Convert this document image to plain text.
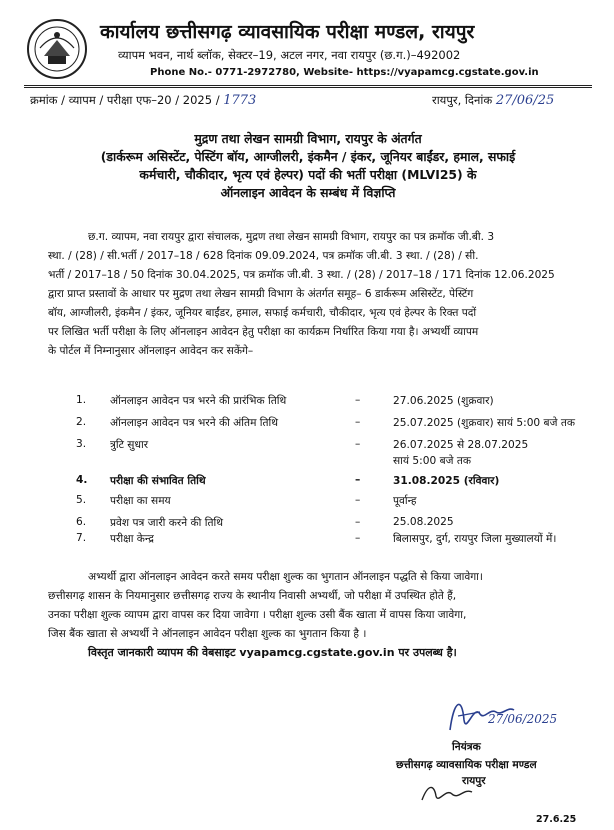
कार्यालय छत्तीसगढ़ व्यावसायिक परीक्षा मण्डल, रायपुर
व्यापम भवन, नार्थ ब्लॉक, सेक्टर–19, अटल नगर, नवा रायपुर (छ.ग.)–492002
Phone No.- 0771-2972780, Website- https://vyapamcg.cgstate.gov.in
क्रमांक / व्यापम / परीक्षा एफ–20 / 2025 / 1773	रायपुर, दिनांक 27/06/25
मुद्रण तथा लेखन सामग्री विभाग, रायपुर के अंतर्गत
(डार्करूम असिस्टेंट, पेस्टिंग बॉय, आग्जीलरी, इंकमैन / इंकर, जूनियर बाईंडर, हमाल, सफाई
कर्मचारी, चौकीदार, भृत्य एवं हेल्पर) पदों की भर्ती परीक्षा (MLVI25) के
ऑनलाइन आवेदन के सम्बंध में विज्ञप्ति
छ.ग. व्यापम, नवा रायपुर द्वारा संचालक, मुद्रण तथा लेखन सामग्री विभाग, रायपुर का पत्र क्रमॉक जी.बी. 3
स्था. / (28) / सी.भर्ती / 2017–18 / 628 दिनांक 09.09.2024, पत्र क्रमॉक जी.बी. 3 स्था. / (28) / सी.
भर्ती / 2017–18 / 50 दिनांक 30.04.2025, पत्र क्रमॉक जी.बी. 3 स्था. / (28) / 2017–18 / 171 दिनांक 12.06.2025
द्वारा प्राप्त प्रस्तावों के आधार पर मुद्रण तथा लेखन सामग्री विभाग के अंतर्गत समूह– 6 डार्करूम असिस्टेंट, पेस्टिंग
बॉय, आग्जीलरी, इंकमैन / इंकर, जूनियर बाईंडर, हमाल, सफाई कर्मचारी, चौकीदार, भृत्य एवं हेल्पर के रिक्त पदों
पर लिखित भर्ती परीक्षा के लिए ऑनलाइन आवेदन हेतु परीक्षा का कार्यक्रम निर्धारित किया गया है। अभ्यर्थी व्यापम
के पोर्टल में निम्नानुसार ऑनलाइन आवेदन कर सकेंगे–
1.	ऑनलाइन आवेदन पत्र भरने की प्रारंभिक तिथि	–	27.06.2025 (शुक्रवार)
2.	ऑनलाइन आवेदन पत्र भरने की अंतिम तिथि	–	25.07.2025 (शुक्रवार) सायं 5:00 बजे तक
3.	त्रुटि सुधार	–	26.07.2025 से 28.07.2025
सायं 5:00 बजे तक
4.	परीक्षा की संभावित तिथि	–	31.08.2025 (रविवार)
5.	परीक्षा का समय	–	पूर्वान्ह
6.	प्रवेश पत्र जारी करने की तिथि	–	25.08.2025
7.	परीक्षा केन्द्र	–	बिलासपुर, दुर्ग, रायपुर जिला मुख्यालयों में।
अभ्यर्थी द्वारा ऑनलाइन आवेदन करते समय परीक्षा शुल्क का भुगतान ऑनलाइन पद्धति से किया जावेगा।
छत्तीसगढ़ शासन के नियमानुसार छत्तीसगढ़ राज्य के स्थानीय निवासी अभ्यर्थी, जो परीक्षा में उपस्थित होते हैं,
उनका परीक्षा शुल्क व्यापम द्वारा वापस कर दिया जावेगा । परीक्षा शुल्क उसी बैंक खाता में वापस किया जावेगा,
जिस बैंक खाता से अभ्यर्थी ने ऑनलाइन आवेदन परीक्षा शुल्क का भुगतान किया है ।
विस्तृत जानकारी व्यापम की वेबसाइट vyapamcg.cgstate.gov.in पर उपलब्ध है।
27/06/2025
नियंत्रक
छत्तीसगढ़ व्यावसायिक परीक्षा मण्डल
रायपुर
27.6.25
